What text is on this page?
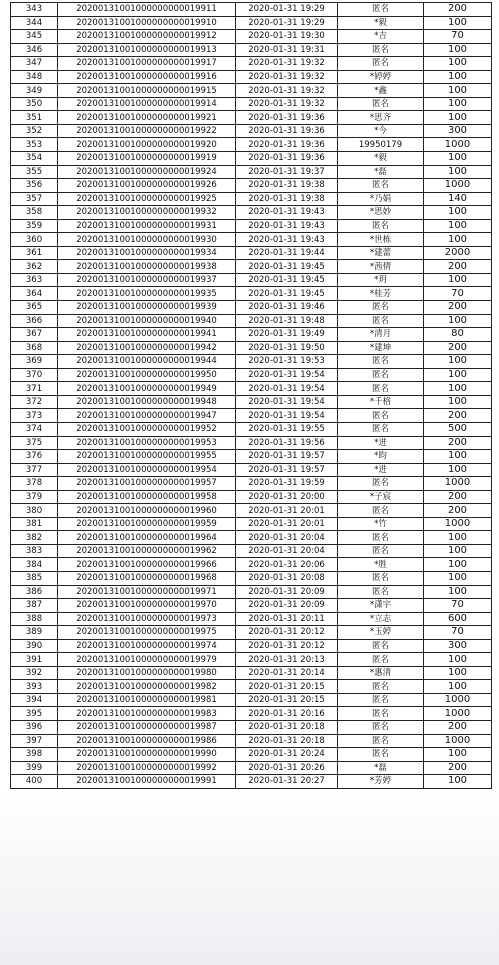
343	20200131001000000000019911	2020-01-31 19:29	匿名	200
344	20200131001000000000019910	2020-01-31 19:29	*毅	100
345	20200131001000000000019912	2020-01-31 19:30	*吉	70
346	20200131001000000000019913	2020-01-31 19:31	匿名	100
347	20200131001000000000019917	2020-01-31 19:32	匿名	100
348	20200131001000000000019916	2020-01-31 19:32	*婷婷	100
349	20200131001000000000019915	2020-01-31 19:32	*鑫	100
350	20200131001000000000019914	2020-01-31 19:32	匿名	100
351	20200131001000000000019921	2020-01-31 19:36	*思齐	100
352	20200131001000000000019922	2020-01-31 19:36	*今	300
353	20200131001000000000019920	2020-01-31 19:36	19950179	1000
354	20200131001000000000019919	2020-01-31 19:36	*毅	100
355	20200131001000000000019924	2020-01-31 19:37	*磊	100
356	20200131001000000000019926	2020-01-31 19:38	匿名	1000
357	20200131001000000000019925	2020-01-31 19:38	*乃娟	140
358	20200131001000000000019932	2020-01-31 19:43	*思妙	100
359	20200131001000000000019931	2020-01-31 19:43	匿名	100
360	20200131001000000000019930	2020-01-31 19:43	*世栋	100
361	20200131001000000000019934	2020-01-31 19:44	*建蕾	2000
362	20200131001000000000019938	2020-01-31 19:45	*茜倩	200
363	20200131001000000000019937	2020-01-31 19:45	*玥	100
364	20200131001000000000019935	2020-01-31 19:45	*桂芳	70
365	20200131001000000000019939	2020-01-31 19:46	匿名	200
366	20200131001000000000019940	2020-01-31 19:48	匿名	100
367	20200131001000000000019941	2020-01-31 19:49	*清月	80
368	20200131001000000000019942	2020-01-31 19:50	*建坤	200
369	20200131001000000000019944	2020-01-31 19:53	匿名	100
370	20200131001000000000019950	2020-01-31 19:54	匿名	100
371	20200131001000000000019949	2020-01-31 19:54	匿名	100
372	20200131001000000000019948	2020-01-31 19:54	*千格	100
373	20200131001000000000019947	2020-01-31 19:54	匿名	200
374	20200131001000000000019952	2020-01-31 19:55	匿名	500
375	20200131001000000000019953	2020-01-31 19:56	*进	200
376	20200131001000000000019955	2020-01-31 19:57	*昀	100
377	20200131001000000000019954	2020-01-31 19:57	*进	100
378	20200131001000000000019957	2020-01-31 19:59	匿名	1000
379	20200131001000000000019958	2020-01-31 20:00	*子宸	200
380	20200131001000000000019960	2020-01-31 20:01	匿名	200
381	20200131001000000000019959	2020-01-31 20:01	*竹	1000
382	20200131001000000000019964	2020-01-31 20:04	匿名	100
383	20200131001000000000019962	2020-01-31 20:04	匿名	100
384	20200131001000000000019966	2020-01-31 20:06	*胜	100
385	20200131001000000000019968	2020-01-31 20:08	匿名	100
386	20200131001000000000019971	2020-01-31 20:09	匿名	100
387	20200131001000000000019970	2020-01-31 20:09	*潇宇	70
388	20200131001000000000019973	2020-01-31 20:11	*立志	600
389	20200131001000000000019975	2020-01-31 20:12	*玉婷	70
390	20200131001000000000019974	2020-01-31 20:12	匿名	300
391	20200131001000000000019979	2020-01-31 20:13	匿名	100
392	20200131001000000000019980	2020-01-31 20:14	*惠清	100
393	20200131001000000000019982	2020-01-31 20:15	匿名	100
394	20200131001000000000019981	2020-01-31 20:15	匿名	1000
395	20200131001000000000019983	2020-01-31 20:16	匿名	1000
396	20200131001000000000019987	2020-01-31 20:18	匿名	200
397	20200131001000000000019986	2020-01-31 20:18	匿名	1000
398	20200131001000000000019990	2020-01-31 20:24	匿名	100
399	20200131001000000000019992	2020-01-31 20:26	*磊	200
400	20200131001000000000019991	2020-01-31 20:27	*芳婷	100
